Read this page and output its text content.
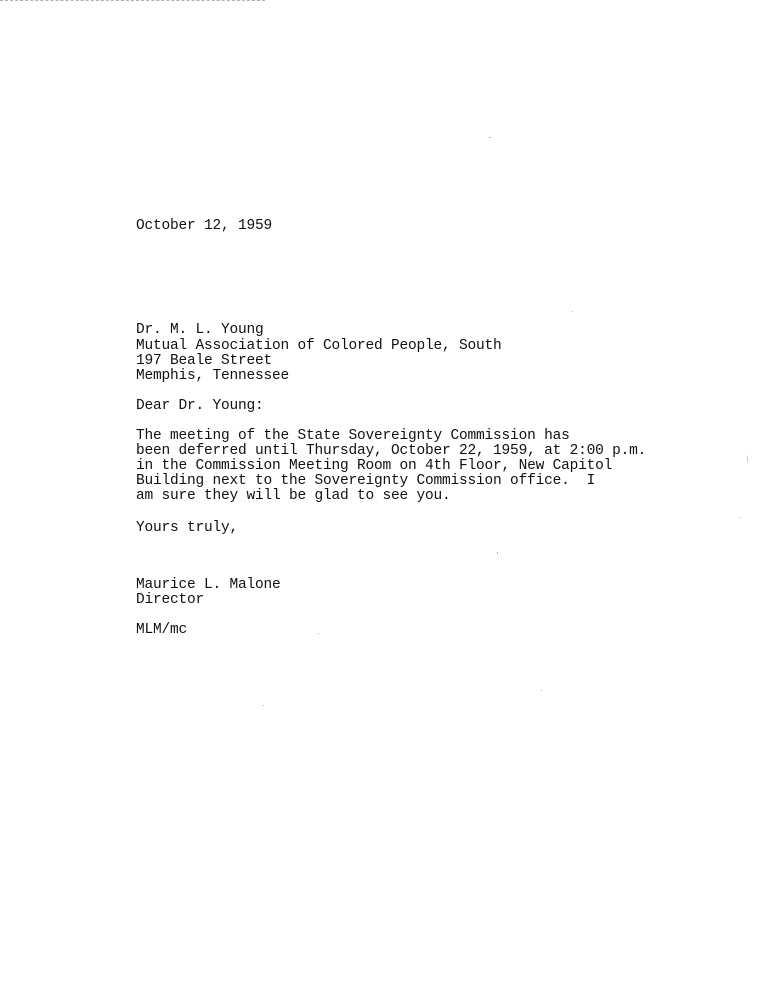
October 12, 1959
Dr. M. L. Young
Mutual Association of Colored People, South
197 Beale Street
Memphis, Tennessee
Dear Dr. Young:
The meeting of the State Sovereignty Commission has
been deferred until Thursday, October 22, 1959, at 2:00 p.m.
in the Commission Meeting Room on 4th Floor, New Capitol
Building next to the Sovereignty Commission office.  I
am sure they will be glad to see you.
Yours truly,
Maurice L. Malone
Director
MLM/mc
